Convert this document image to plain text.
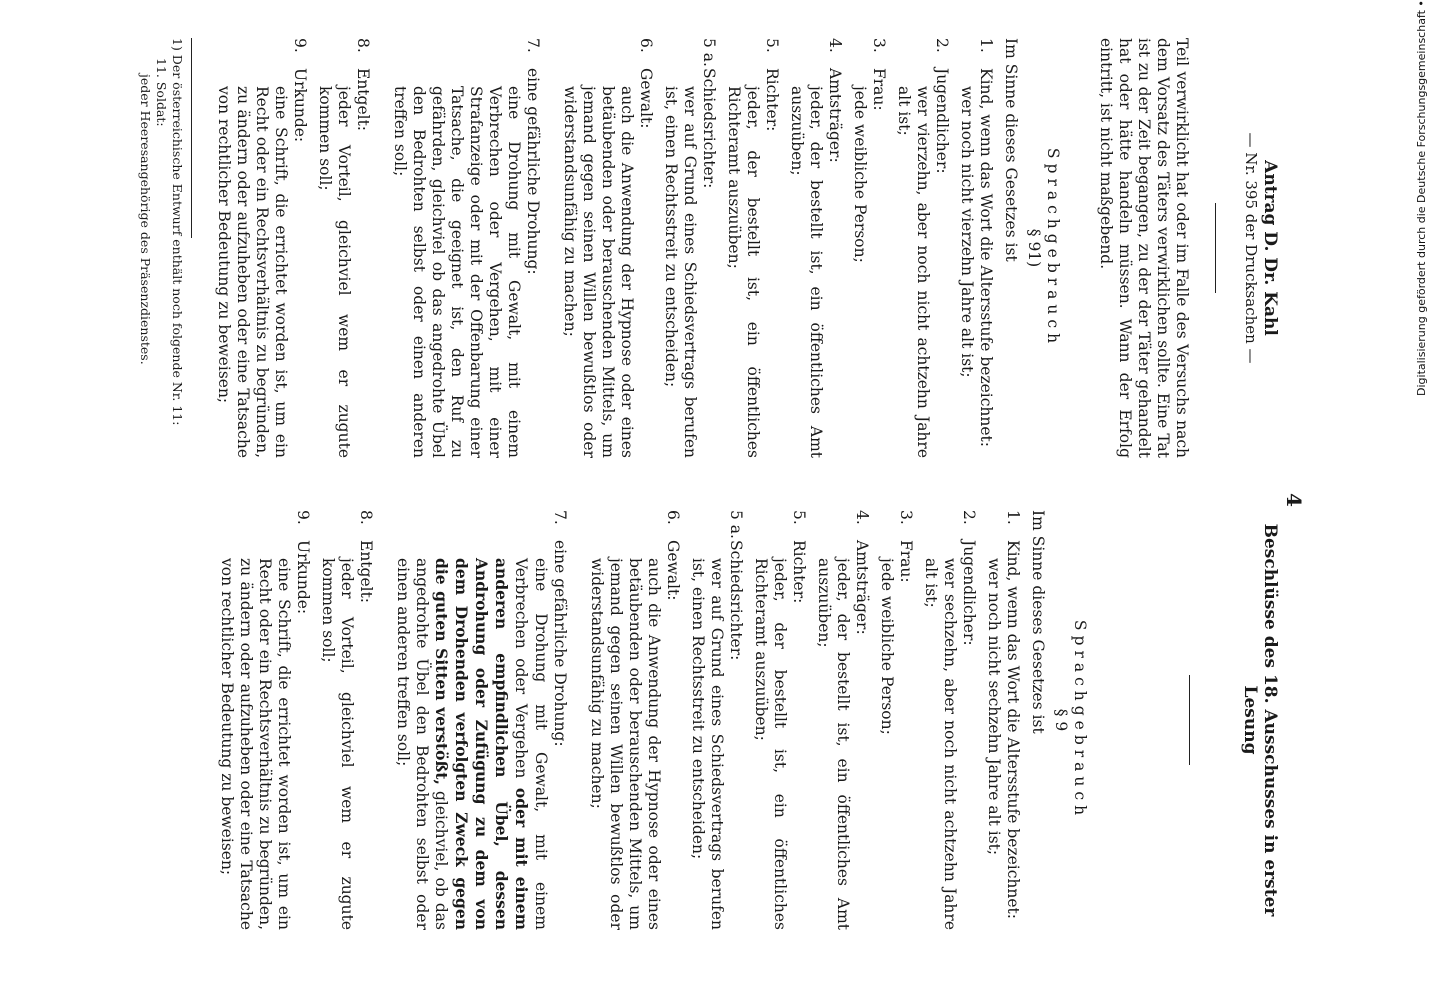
4
Antrag D. Dr. Kahl
— Nr. 395 der Drucksachen —
Teil verwirklicht hat oder im Falle des Versuchs nach dem Vorsatz des Täters verwirklichen sollte. Eine Tat ist zu der Zeit begangen, zu der der Täter gehandelt hat oder hätte handeln müssen. Wann der Erfolg eintritt, ist nicht maßgebend.
Sprachgebrauch
§ 91)
Im Sinne dieses Gesetzes ist
1.
Kind, wenn das Wort die Altersstufe bezeichnet:
wer noch nicht vierzehn Jahre alt ist;
2.
Jugendlicher:
wer vierzehn, aber noch nicht achtzehn Jahre alt ist;
3.
Frau:
jede weibliche Person;
4.
Amtsträger:
jeder, der bestellt ist, ein öffentliches Amt auszuüben;
5.
Richter:
jeder, der bestellt ist, ein öffentliches Richteramt auszuüben;
5 a.
Schiedsrichter:
wer auf Grund eines Schiedsvertrags berufen ist, einen Rechtsstreit zu entscheiden;
6.
Gewalt:
auch die Anwendung der Hypnose oder eines betäubenden oder berauschenden Mittels, um jemand gegen seinen Willen bewußtlos oder widerstandsunfähig zu machen;
7.
eine gefährliche Drohung:
eine Drohung mit Gewalt, mit einem Verbrechen oder Vergehen, mit einer Strafanzeige oder mit der Offenbarung einer Tatsache, die geeignet ist, den Ruf zu gefährden, gleichviel ob das angedrohte Übel den Bedrohten selbst oder einen anderen treffen soll;
8.
Entgelt:
jeder Vorteil, gleichviel wem er zugute kommen soll;
9.
Urkunde:
eine Schrift, die errichtet worden ist, um ein Recht oder ein Rechtsverhältnis zu begründen, zu ändern oder aufzuheben oder eine Tatsache von rechtlicher Bedeutung zu beweisen;
1) Der österreichische Entwurf enthält noch folgende Nr. 11:
11. Soldat:
jeder Heeresangehörige des Präsenzdienstes.
Beschlüsse des 18. Ausschusses in erster Lesung
Sprachgebrauch
§ 9
Im Sinne dieses Gesetzes ist
1.
Kind, wenn das Wort die Altersstufe bezeichnet:
wer noch nicht sechzehn Jahre alt ist;
2.
Jugendlicher:
wer sechzehn, aber noch nicht achtzehn Jahre alt ist;
3.
Frau:
jede weibliche Person;
4.
Amtsträger:
jeder, der bestellt ist, ein öffentliches Amt auszuüben;
5.
Richter:
jeder, der bestellt ist, ein öffentliches Richteramt auszuüben;
5 a.
Schiedsrichter:
wer auf Grund eines Schiedsvertrags berufen ist, einen Rechtsstreit zu entscheiden;
6.
Gewalt:
auch die Anwendung der Hypnose oder eines betäubenden oder berauschenden Mittels, um jemand gegen seinen Willen bewußtlos oder widerstandsunfähig zu machen;
7.
eine gefährliche Drohung:
eine Drohung mit Gewalt, mit einem Verbrechen oder Vergehen oder mit einem anderen empfindlichen Übel, dessen Androhung oder Zufügung zu dem von dem Drohenden verfolgten Zweck gegen die guten Sitten verstößt, gleichviel, ob das angedrohte Übel den Bedrohten selbst oder einen anderen treffen soll;
8.
Entgelt:
jeder Vorteil, gleichviel wem er zugute kommen soll;
9.
Urkunde:
eine Schrift, die errichtet worden ist, um ein Recht oder ein Rechtsverhältnis zu begründen, zu ändern oder aufzuheben oder eine Tatsache von rechtlicher Bedeutung zu beweisen;
Digitalisierung gefördert durch die Deutsche Forschungsgemeinschaft •
